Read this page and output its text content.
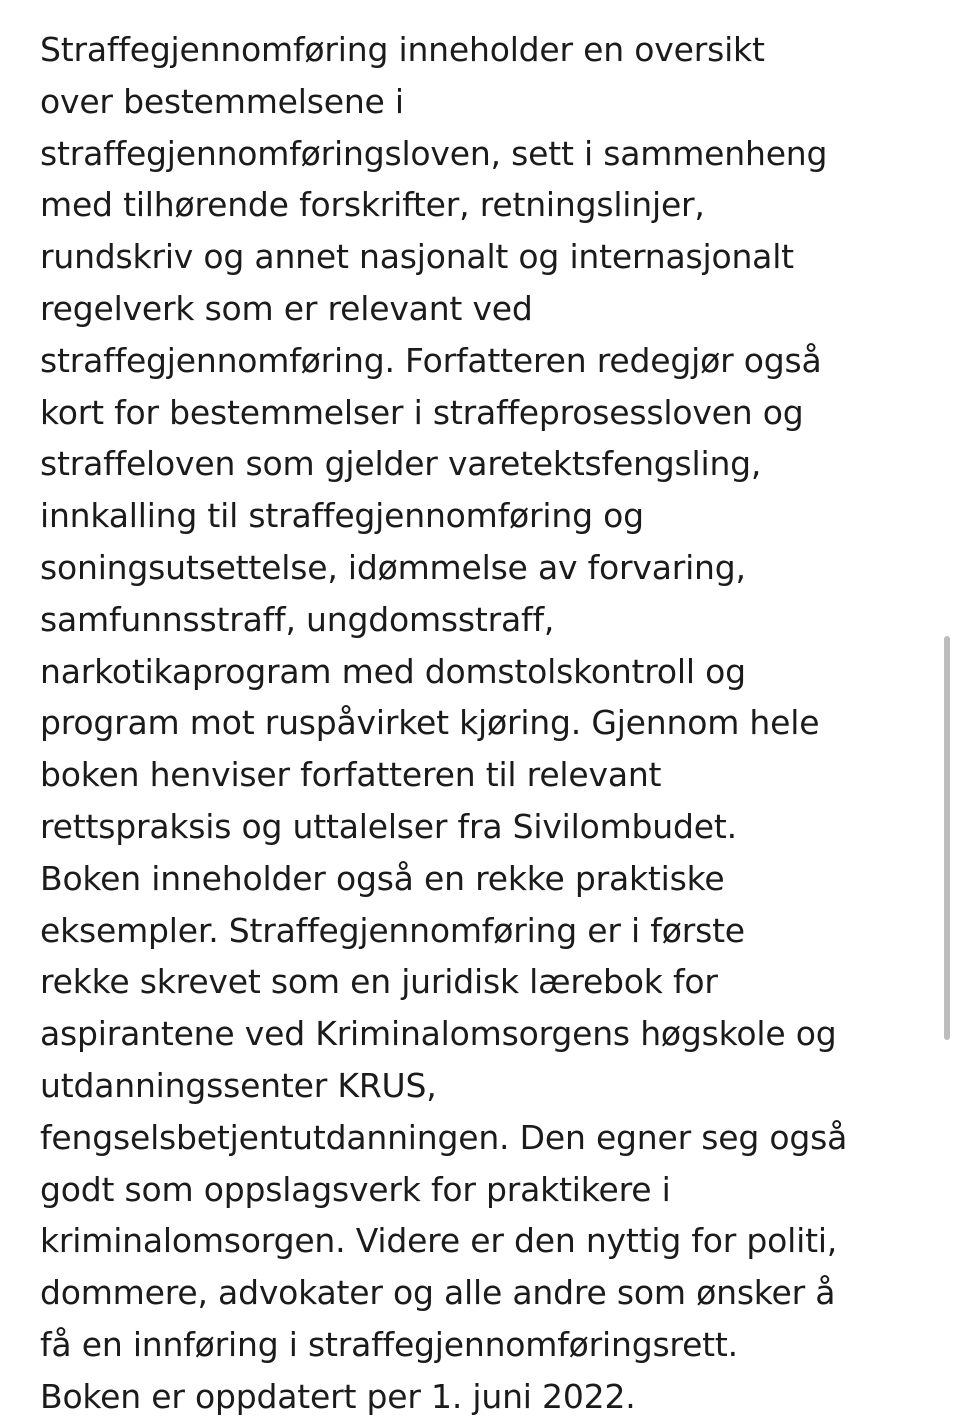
Straffegjennomføring inneholder en oversikt
over bestemmelsene i
straffegjennomføringsloven, sett i sammenheng
med tilhørende forskrifter, retningslinjer,
rundskriv og annet nasjonalt og internasjonalt
regelverk som er relevant ved
straffegjennomføring. Forfatteren redegjør også
kort for bestemmelser i straffeprosessloven og
straffeloven som gjelder varetektsfengsling,
innkalling til straffegjennomføring og
soningsutsettelse, idømmelse av forvaring,
samfunnsstraff, ungdomsstraff,
narkotikaprogram med domstolskontroll og
program mot ruspåvirket kjøring. Gjennom hele
boken henviser forfatteren til relevant
rettspraksis og uttalelser fra Sivilombudet.
Boken inneholder også en rekke praktiske
eksempler. Straffegjennomføring er i første
rekke skrevet som en juridisk lærebok for
aspirantene ved Kriminalomsorgens høgskole og
utdanningssenter KRUS,
fengselsbetjentutdanningen. Den egner seg også
godt som oppslagsverk for praktikere i
kriminalomsorgen. Videre er den nyttig for politi,
dommere, advokater og alle andre som ønsker å
få en innføring i straffegjennomføringsrett.
Boken er oppdatert per 1. juni 2022.
